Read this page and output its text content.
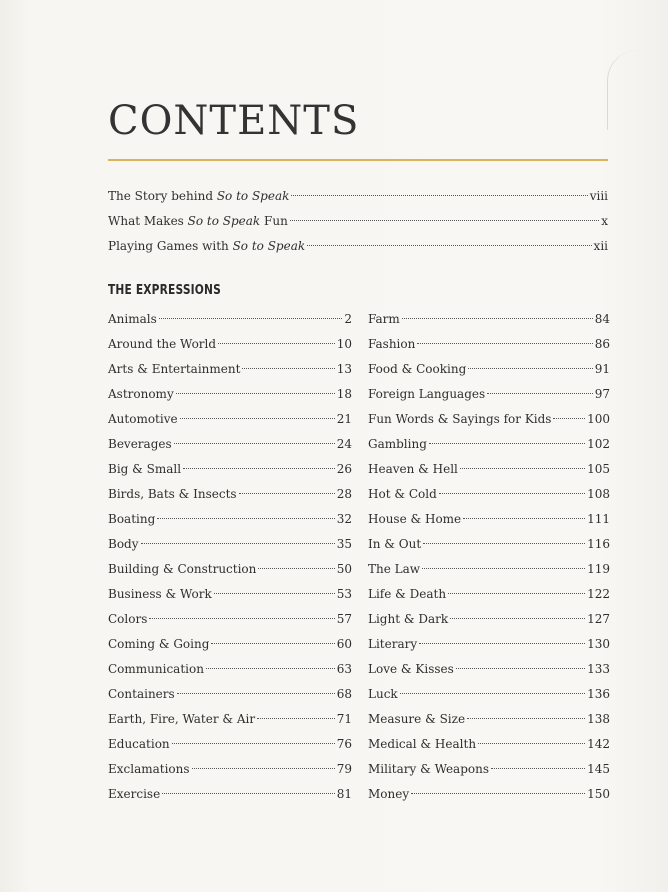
CONTENTS
The Story behind So to Speak	viii
What Makes So to Speak Fun	x
Playing Games with So to Speak	xii
THE EXPRESSIONS
Animals	2
Around the World	10
Arts & Entertainment	13
Astronomy	18
Automotive	21
Beverages	24
Big & Small	26
Birds, Bats & Insects	28
Boating	32
Body	35
Building & Construction	50
Business & Work	53
Colors	57
Coming & Going	60
Communication	63
Containers	68
Earth, Fire, Water & Air	71
Education	76
Exclamations	79
Exercise	81
Farm	84
Fashion	86
Food & Cooking	91
Foreign Languages	97
Fun Words & Sayings for Kids	100
Gambling	102
Heaven & Hell	105
Hot & Cold	108
House & Home	111
In & Out	116
The Law	119
Life & Death	122
Light & Dark	127
Literary	130
Love & Kisses	133
Luck	136
Measure & Size	138
Medical & Health	142
Military & Weapons	145
Money	150
